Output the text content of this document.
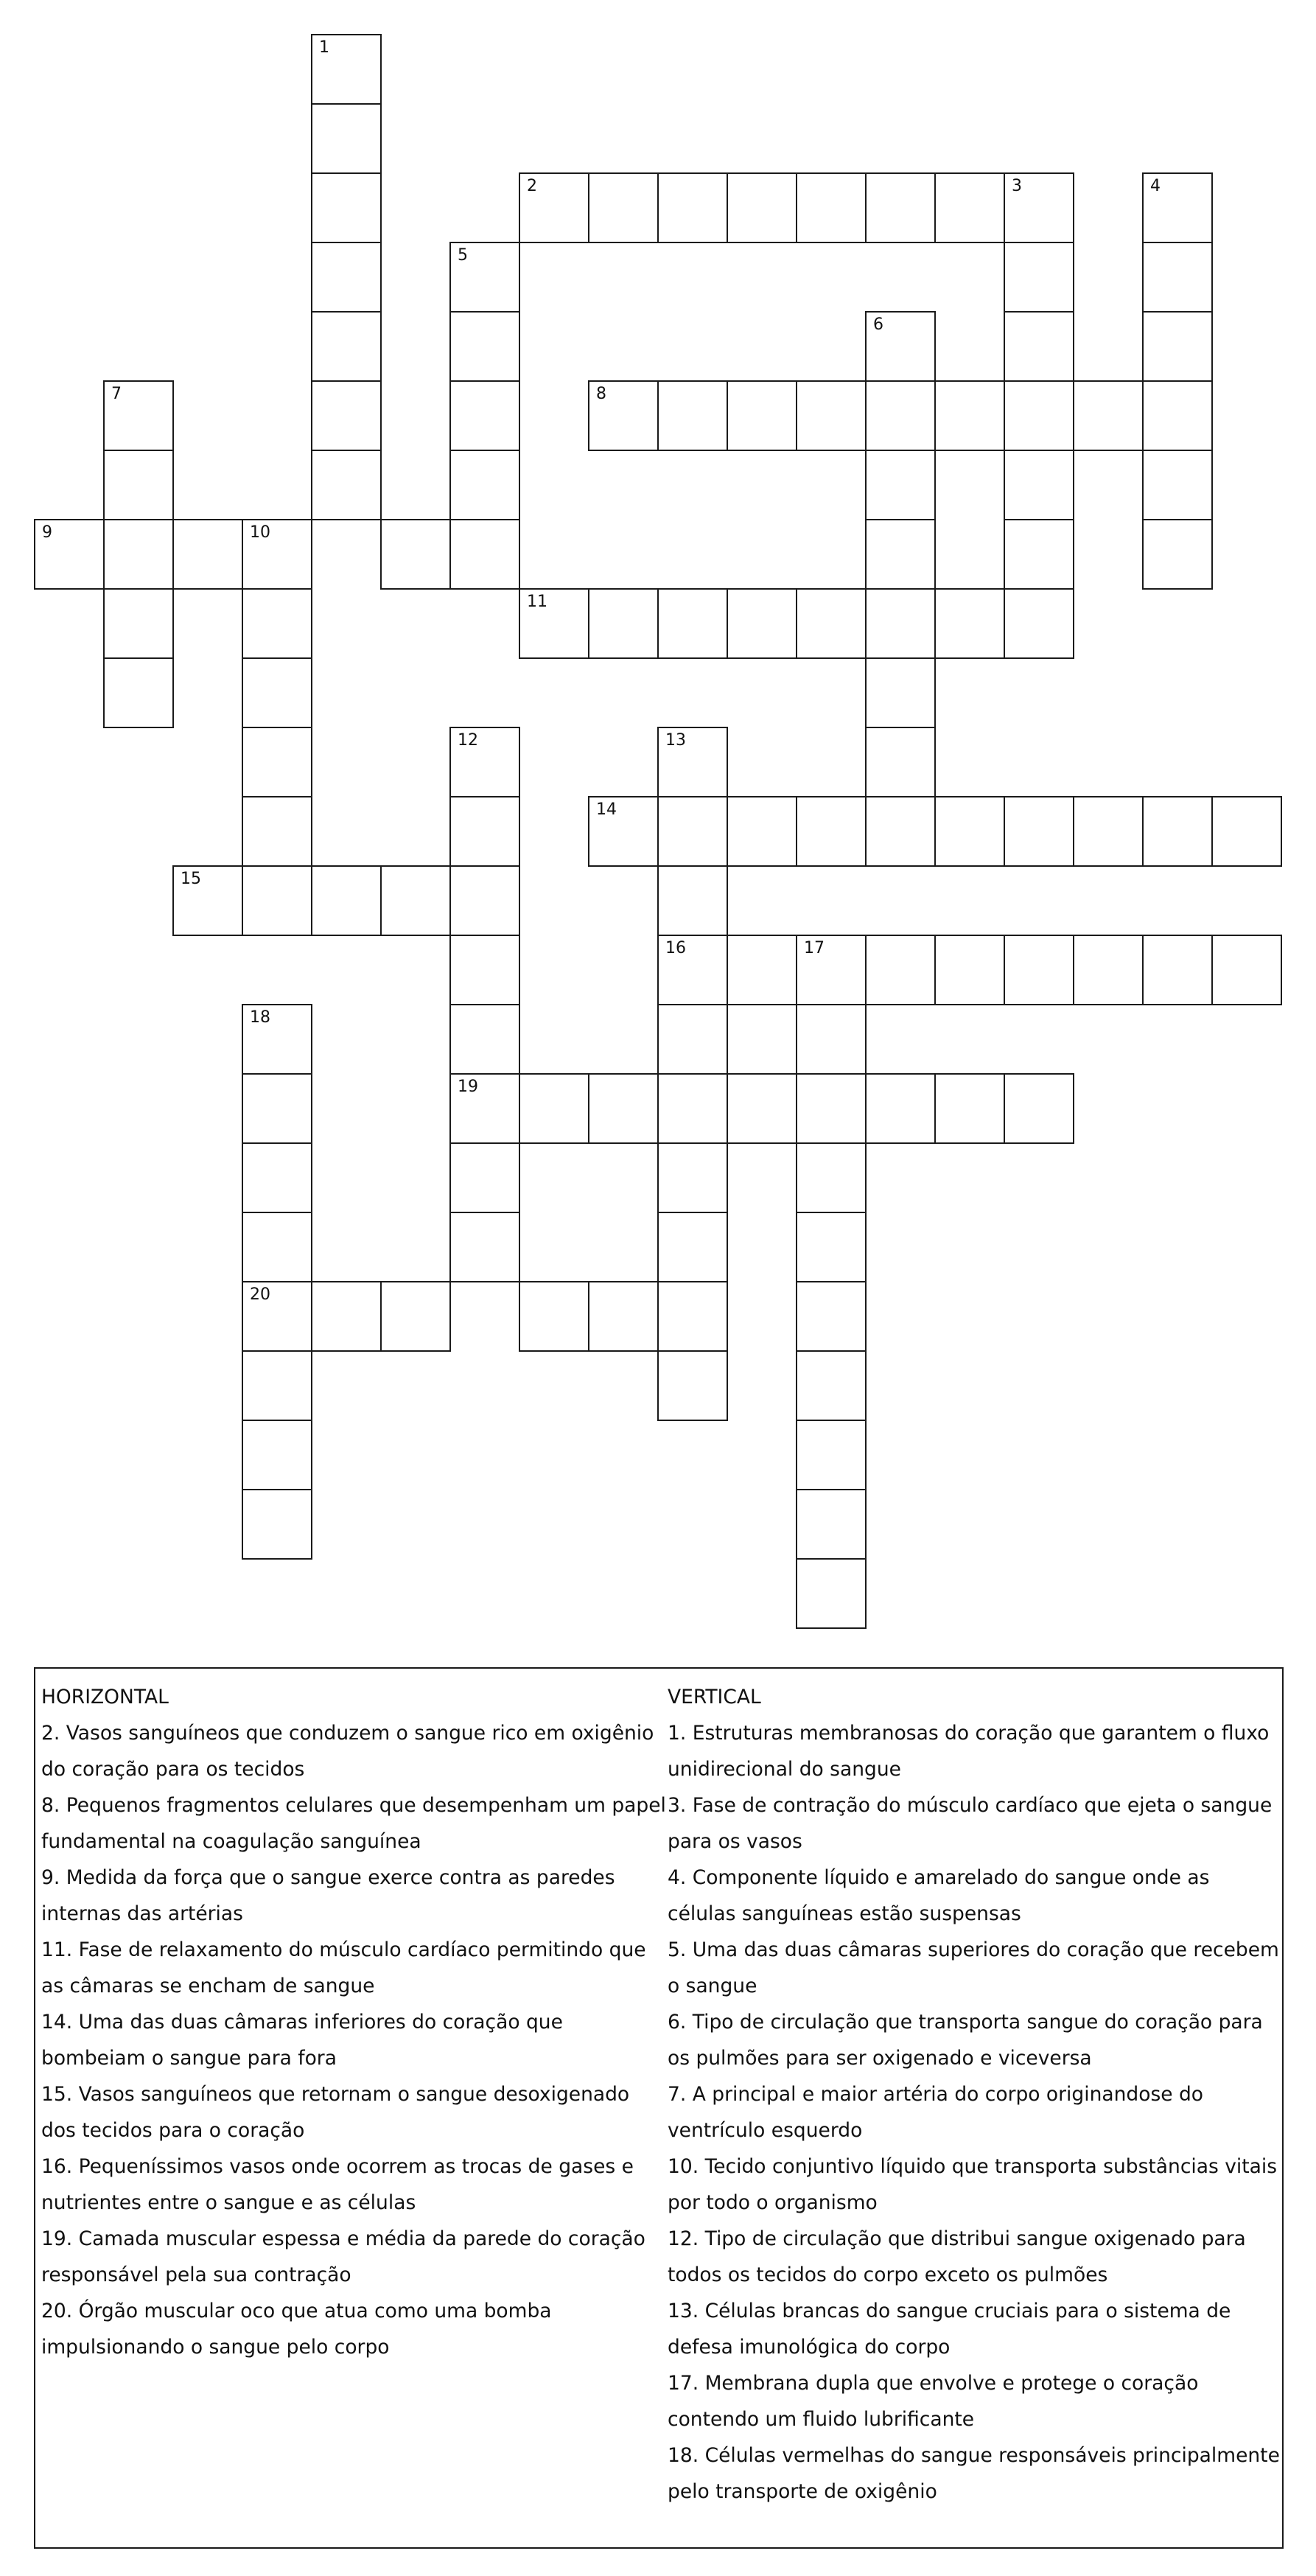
1
2	3	4
5
6
7	8
9	10
11
12
19
13
16
14
15
17
18
20
HORIZONTAL
2. Vasos sanguíneos que conduzem o sangue rico em oxigênio do coração para os tecidos
8. Pequenos fragmentos celulares que desempenham um papel fundamental na coagulação sanguínea
9. Medida da força que o sangue exerce contra as paredes internas das artérias
11. Fase de relaxamento do músculo cardíaco permitindo que as câmaras se encham de sangue
14. Uma das duas câmaras inferiores do coração que bombeiam o sangue para fora
15. Vasos sanguíneos que retornam o sangue desoxigenado dos tecidos para o coração
16. Pequeníssimos vasos onde ocorrem as trocas de gases e nutrientes entre o sangue e as células
19. Camada muscular espessa e média da parede do coração responsável pela sua contração
20. Órgão muscular oco que atua como uma bomba impulsionando o sangue pelo corpo
VERTICAL
1. Estruturas membranosas do coração que garantem o fluxo unidirecional do sangue
3. Fase de contração do músculo cardíaco que ejeta o sangue para os vasos
4. Componente líquido e amarelado do sangue onde as células sanguíneas estão suspensas
5. Uma das duas câmaras superiores do coração que recebem o sangue
6. Tipo de circulação que transporta sangue do coração para os pulmões para ser oxigenado e viceversa
7. A principal e maior artéria do corpo originandose do ventrículo esquerdo
10. Tecido conjuntivo líquido que transporta substâncias vitais por todo o organismo
12. Tipo de circulação que distribui sangue oxigenado para todos os tecidos do corpo exceto os pulmões
13. Células brancas do sangue cruciais para o sistema de defesa imunológica do corpo
17. Membrana dupla que envolve e protege o coração contendo um fluido lubrificante
18. Células vermelhas do sangue responsáveis principalmente pelo transporte de oxigênio
